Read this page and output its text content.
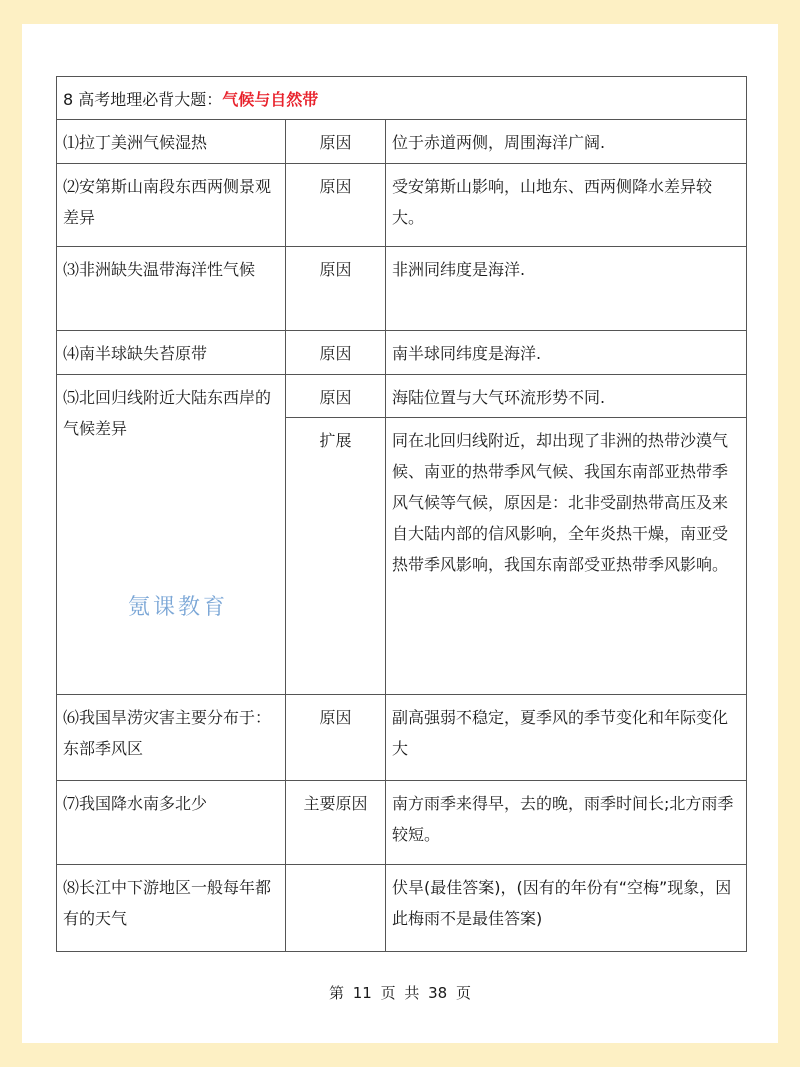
8 高考地理必背大题：气候与自然带		
⑴拉丁美洲气候湿热	原因	位于赤道两侧，周围海洋广阔.
⑵安第斯山南段东西两侧景观差异	原因	受安第斯山影响，山地东、西两侧降水差异较大。
⑶非洲缺失温带海洋性气候	原因	非洲同纬度是海洋.
⑷南半球缺失苔原带	原因	南半球同纬度是海洋.
⑸北回归线附近大陆东西岸的气候差异	原因	海陆位置与大气环流形势不同.
	扩展	同在北回归线附近，却出现了非洲的热带沙漠气候、南亚的热带季风气候、我国东南部亚热带季风气候等气候，原因是：北非受副热带高压及来自大陆内部的信风影响，全年炎热干燥，南亚受热带季风影响，我国东南部受亚热带季风影响。
⑹我国旱涝灾害主要分布于：东部季风区	原因	副高强弱不稳定，夏季风的季节变化和年际变化大
⑺我国降水南多北少	主要原因	南方雨季来得早，去的晚，雨季时间长;北方雨季较短。
⑻长江中下游地区一般每年都有的天气		伏旱(最佳答案)，(因有的年份有“空梅”现象，因此梅雨不是最佳答案)
氪课教育
第 11 页 共 38 页
